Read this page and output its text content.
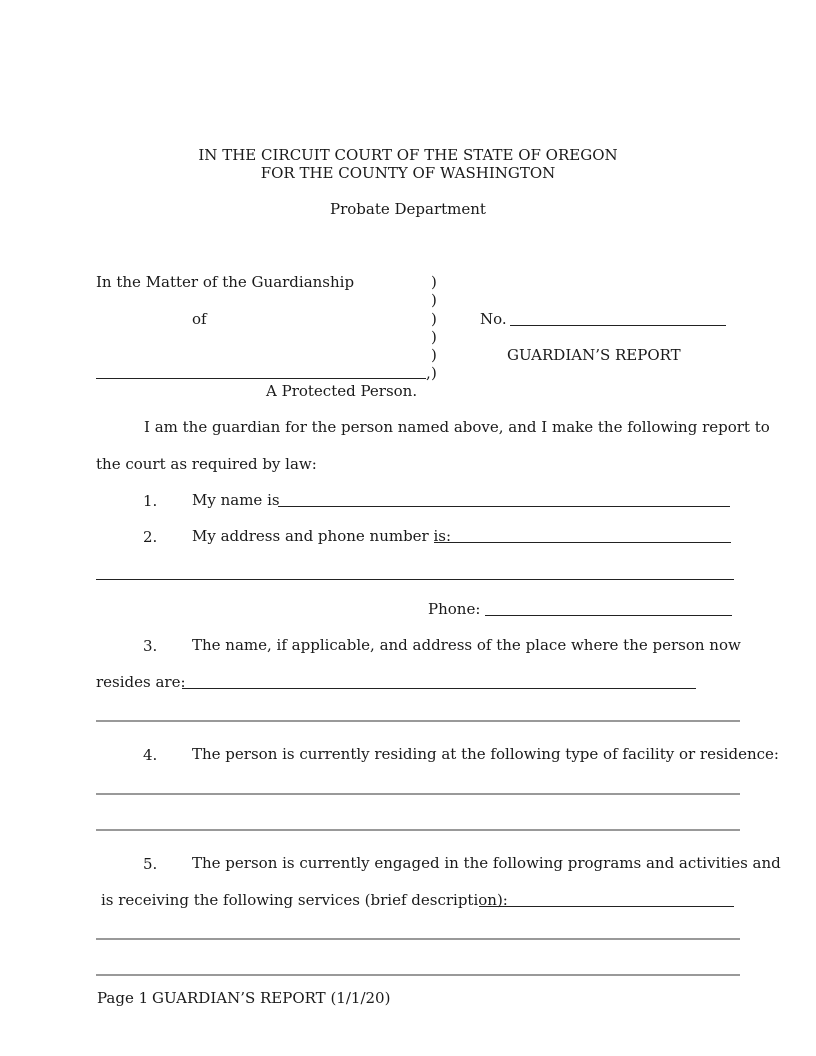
IN THE CIRCUIT COURT OF THE STATE OF OREGON
FOR THE COUNTY OF WASHINGTON
Probate Department
In the Matter of the Guardianship
of
,
A Protected Person.
)
)
)
)
)
)
No.
GUARDIAN’S REPORT
I am the guardian for the person named above, and I make the following report to
the court as required by law:
1. My name is
2. My address and phone number is:
Phone:
3. The name, if applicable, and address of the place where the person now
resides are:
4. The person is currently residing at the following type of facility or residence:
5. The person is currently engaged in the following programs and activities and
is receiving the following services (brief description):
Page 1 GUARDIAN’S REPORT (1/1/20)
